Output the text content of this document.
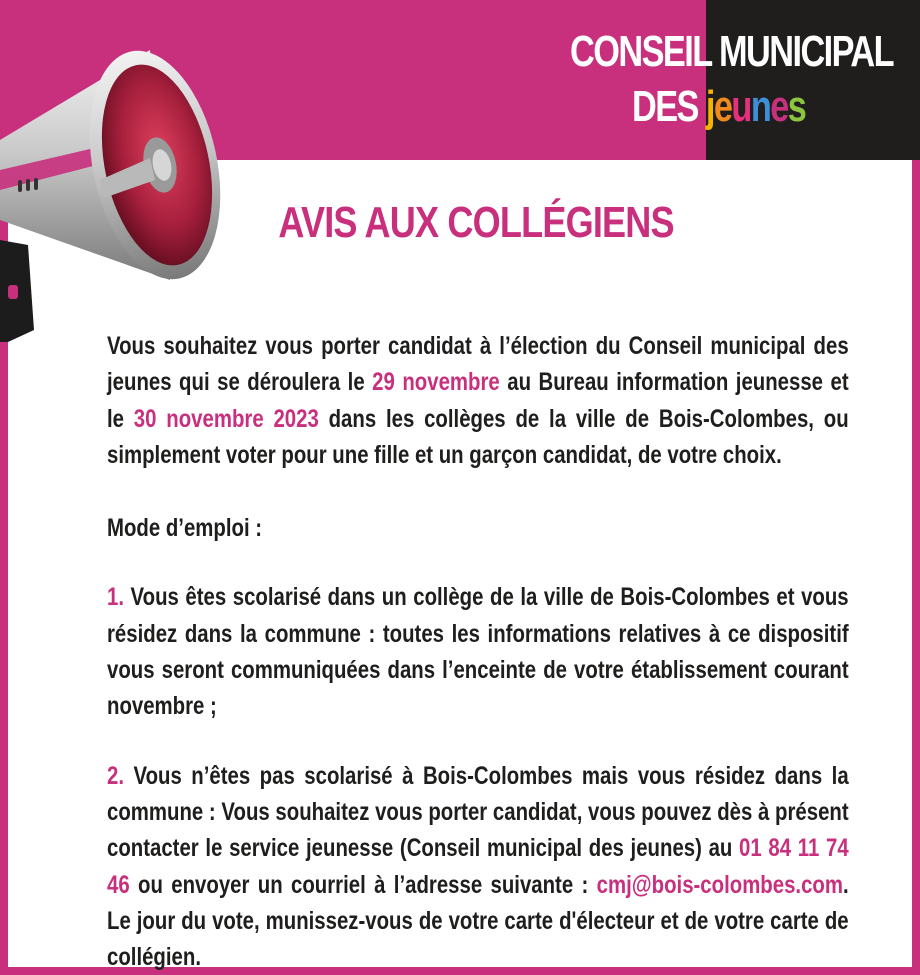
CONSEIL MUNICIPAL
DES jeunes
AVIS AUX COLLÉGIENS

Vous souhaitez vous porter candidat à l’élection du Conseil municipal des jeunes qui se déroulera le 29 novembre au Bureau information jeunesse et le 30 novembre 2023 dans les collèges de la ville de Bois-Colombes, ou simplement voter pour une fille et un garçon candidat, de votre choix.

Mode d’emploi :

1. Vous êtes scolarisé dans un collège de la ville de Bois-Colombes et vous résidez dans la commune : toutes les informations relatives à ce dispositif vous seront communiquées dans l’enceinte de votre établissement courant novembre ;

2. Vous n’êtes pas scolarisé à Bois-Colombes mais vous résidez dans la commune : Vous souhaitez vous porter candidat, vous pouvez dès à présent contacter le service jeunesse (Conseil municipal des jeunes) au 01 84 11 74 46 ou envoyer un courriel à l’adresse suivante : cmj@bois-colombes.com. Le jour du vote, munissez-vous de votre carte d'électeur et de votre carte de collégien.
